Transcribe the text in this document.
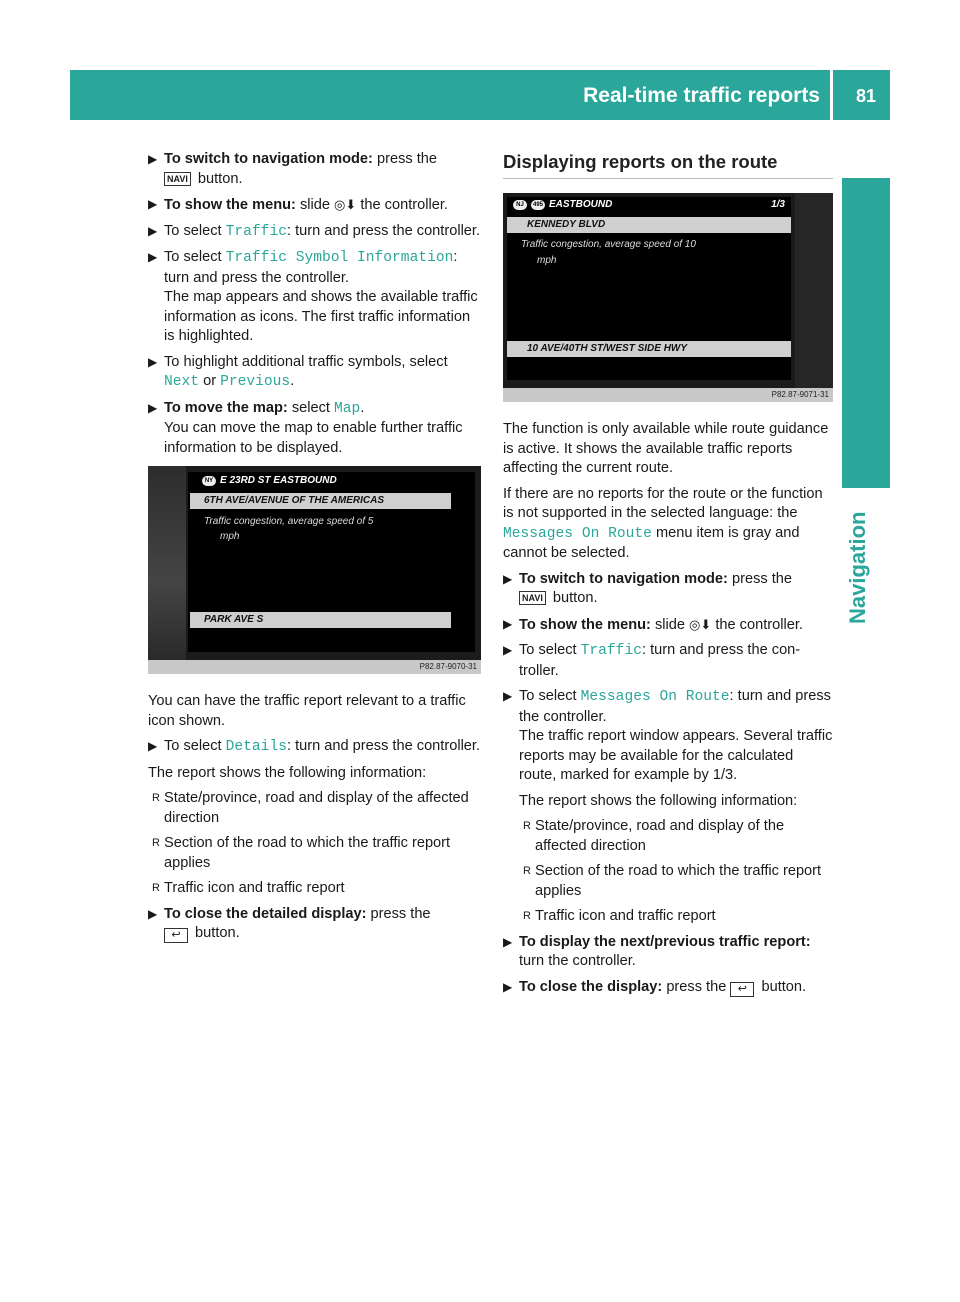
Real-time traffic reports 81
Navigation
▶ To switch to navigation mode: press the
NAVI button.
▶ To show the menu: slide ◎⬇ the controller.
▶ To select Traffic: turn and press the controller.
▶ To select Traffic Symbol Information: turn and press the controller.
The map appears and shows the available traffic information as icons. The first traffic information is highlighted.
▶ To highlight additional traffic symbols, select Next or Previous.
▶ To move the map: select Map.
You can move the map to enable further traffic information to be displayed.
NY E 23RD ST EASTBOUND
6TH AVE/AVENUE OF THE AMERICAS
Traffic congestion, average speed of 5
mph
PARK AVE S
P82.87-9070-31

You can have the traffic report relevant to a traffic icon shown.

▶ To select Details: turn and press the controller.

The report shows the following information:

R State/province, road and display of the affected direction
R Section of the road to which the traffic report applies
R Traffic icon and traffic report
▶ To close the detailed display: press the
↩ button.
Displaying reports on the route
NJ 495 EASTBOUND	1/3
KENNEDY BLVD
Traffic congestion, average speed of 10
mph
10 AVE/40TH ST/WEST SIDE HWY
P82.87-9071-31

The function is only available while route guidance is active. It shows the available traffic reports affecting the current route.

If there are no reports for the route or the function is not supported in the selected language: the Messages On Route menu item is gray and cannot be selected.

▶ To switch to navigation mode: press the
NAVI button.
▶ To show the menu: slide ◎⬇ the controller.
▶ To select Traffic: turn and press the controller.
▶ To select Messages On Route: turn and press the controller.
The traffic report window appears. Several traffic reports may be available for the calculated route, marked for example by 1/3.

The report shows the following information:

R State/province, road and display of the affected direction
R Section of the road to which the traffic report applies
R Traffic icon and traffic report
▶ To display the next/previous traffic report: turn the controller.
▶ To close the display: press the ↩ button.
